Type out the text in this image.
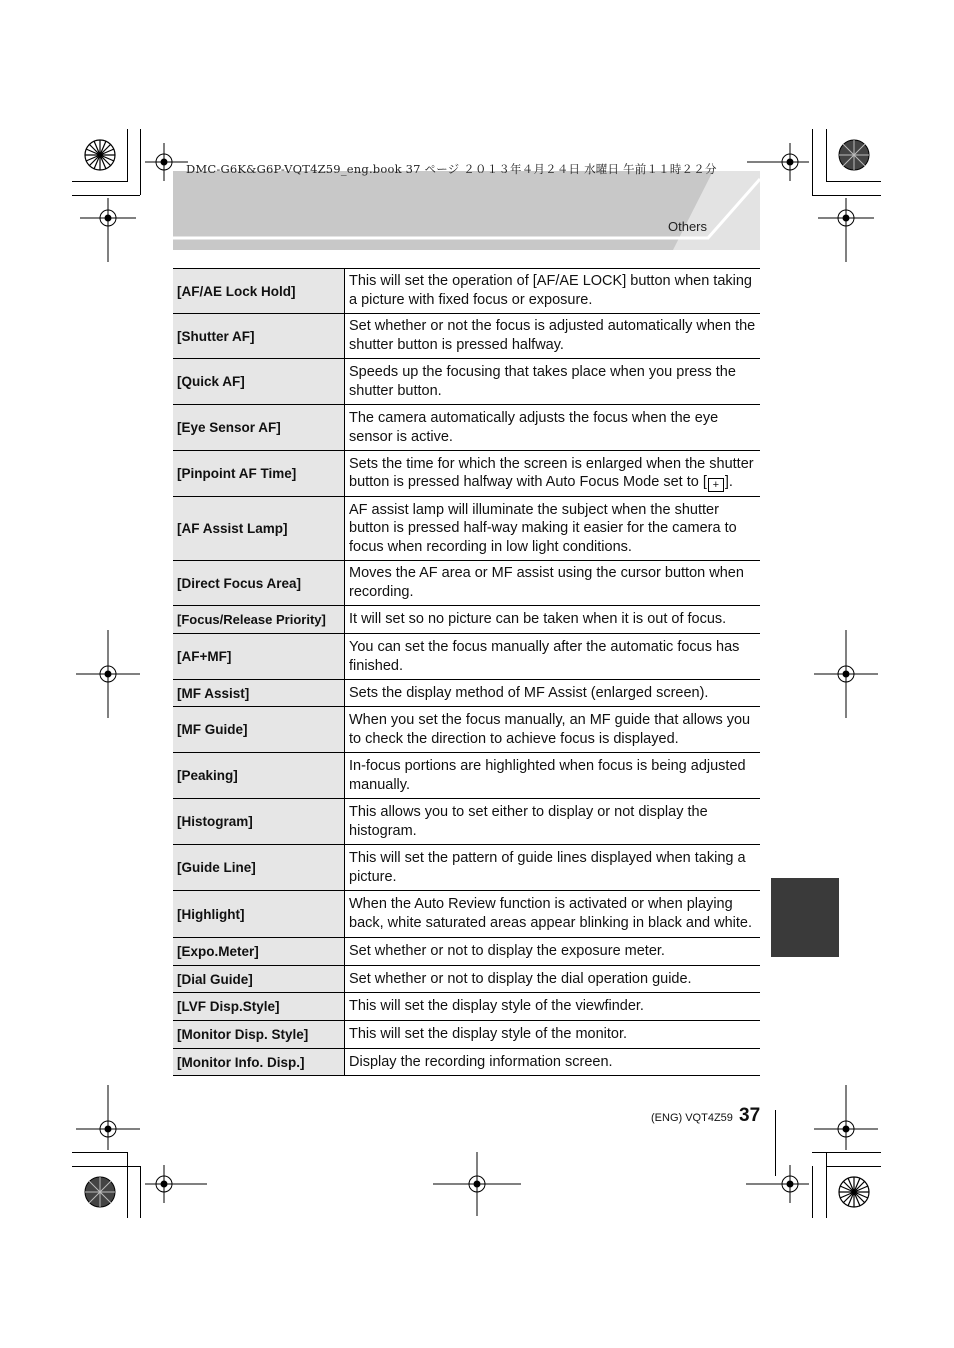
DMC-G6K&G6P-VQT4Z59_eng.book 37 ページ ２０１３年４月２４日 水曜日 午前１１時２２分
Others
[AF/AE Lock Hold]	This will set the operation of [AF/AE LOCK] button when taking a picture with fixed focus or exposure.
[Shutter AF]	Set whether or not the focus is adjusted automatically when the shutter button is pressed halfway.
[Quick AF]	Speeds up the focusing that takes place when you press the shutter button.
[Eye Sensor AF]	The camera automatically adjusts the focus when the eye sensor is active.
[Pinpoint AF Time]	Sets the time for which the screen is enlarged when the shutter button is pressed halfway with Auto Focus Mode set to [ + ].
[AF Assist Lamp]	AF assist lamp will illuminate the subject when the shutter button is pressed half-way making it easier for the camera to focus when recording in low light conditions.
[Direct Focus Area]	Moves the AF area or MF assist using the cursor button when recording.
[Focus/Release Priority]	It will set so no picture can be taken when it is out of focus.
[AF+MF]	You can set the focus manually after the automatic focus has finished.
[MF Assist]	Sets the display method of MF Assist (enlarged screen).
[MF Guide]	When you set the focus manually, an MF guide that allows you to check the direction to achieve focus is displayed.
[Peaking]	In-focus portions are highlighted when focus is being adjusted manually.
[Histogram]	This allows you to set either to display or not display the histogram.
[Guide Line]	This will set the pattern of guide lines displayed when taking a picture.
[Highlight]	When the Auto Review function is activated or when playing back, white saturated areas appear blinking in black and white.
[Expo.Meter]	Set whether or not to display the exposure meter.
[Dial Guide]	Set whether or not to display the dial operation guide.
[LVF Disp.Style]	This will set the display style of the viewfinder.
[Monitor Disp. Style]	This will set the display style of the monitor.
[Monitor Info. Disp.]	Display the recording information screen.
(ENG) VQT4Z59 37
